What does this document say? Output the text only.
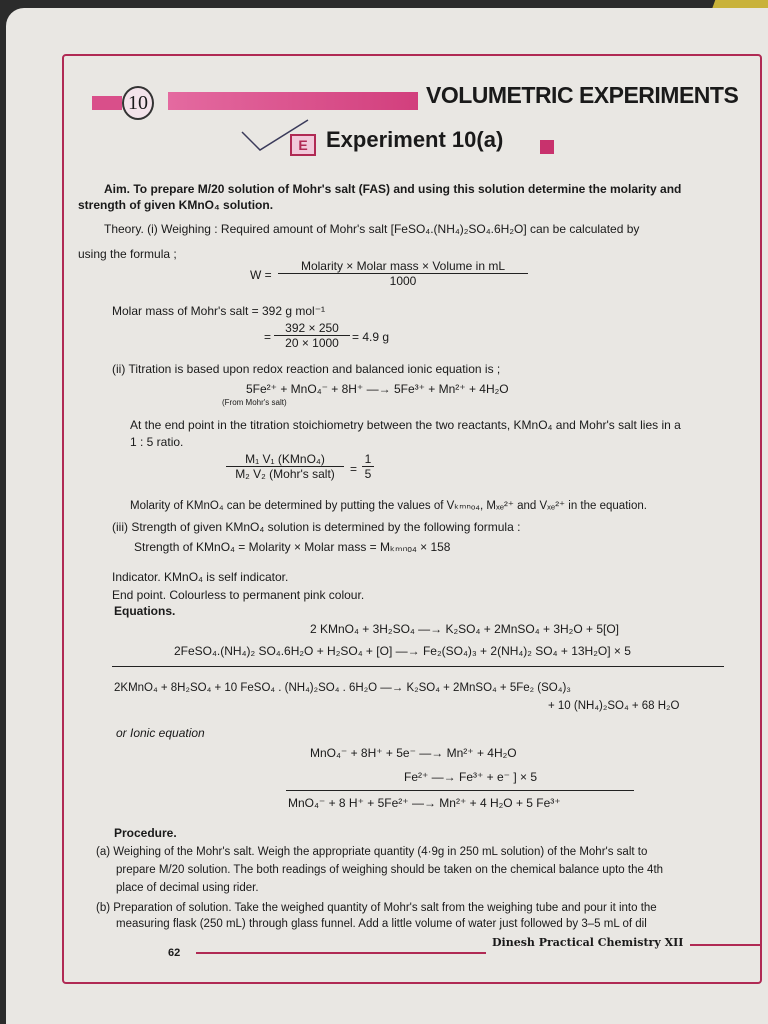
10	VOLUMETRIC EXPERIMENTS
E Experiment 10(a)
Aim. To prepare M/20 solution of Mohr's salt (FAS) and using this solution determine the molarity and
strength of given KMnO₄ solution.
Theory. (i) Weighing : Required amount of Mohr's salt [FeSO₄.(NH₄)₂SO₄.6H₂O] can be calculated by
using the formula ;
W =
Molarity × Molar mass × Volume in mL
1000
Molar mass of Mohr's salt = 392 g mol⁻¹
= $\frac{392 \times 250}{20 \times 1000} = 4.9$ g
(ii) Titration is based upon redox reaction and balanced ionic equation is ;
5Fe²⁺ + MnO₄⁻ + 8H⁺ —→ 5Fe³⁺ + Mn²⁺ + 4H₂O
(From Mohr's salt)
At the end point in the titration stoichiometry between the two reactants, KMnO₄ and Mohr's salt lies in a
1 : 5 ratio.
M₁ V₁ (KMnO₄)
M₂ V₂ (Mohr's salt)	= $\frac{1}{5}$
Molarity of KMnO₄ can be determined by putting the values of Vₖₘₙₒ₄, Mₓₑ²⁺ and Vₓₑ²⁺ in the equation.
(iii) Strength of given KMnO₄ solution is determined by the following formula :
Strength of KMnO₄ = Molarity × Molar mass = Mₖₘₙₒ₄ × 158
Indicator. KMnO₄ is self indicator.
End point. Colourless to permanent pink colour.
Equations.
2 KMnO₄ + 3H₂SO₄ —→ K₂SO₄ + 2MnSO₄ + 3H₂O + 5[O]
2FeSO₄.(NH₄)₂ SO₄.6H₂O + H₂SO₄ + [O] —→ Fe₂(SO₄)₃ + 2(NH₄)₂ SO₄ + 13H₂O] × 5
2KMnO₄ + 8H₂SO₄ + 10 FeSO₄ . (NH₄)₂SO₄ . 6H₂O —→ K₂SO₄ + 2MnSO₄ + 5Fe₂ (SO₄)₃
+ 10 (NH₄)₂SO₄ + 68 H₂O
or Ionic equation
MnO₄⁻ + 8H⁺ + 5e⁻ —→ Mn²⁺ + 4H₂O
Fe²⁺ —→ Fe³⁺ + e⁻ ] × 5
MnO₄⁻ + 8 H⁺ + 5Fe²⁺ —→ Mn²⁺ + 4 H₂O + 5 Fe³⁺
Procedure.
(a) Weighing of the Mohr's salt. Weigh the appropriate quantity (4·9g in 250 mL solution) of the Mohr's salt to
prepare M/20 solution. The both readings of weighing should be taken on the chemical balance upto the 4th
place of decimal using rider.
(b) Preparation of solution. Take the weighed quantity of Mohr's salt from the weighing tube and pour it into the
measuring flask (250 mL) through glass funnel. Add a little volume of water just followed by 3–5 mL of dil
62
Dinesh Practical Chemistry XII
